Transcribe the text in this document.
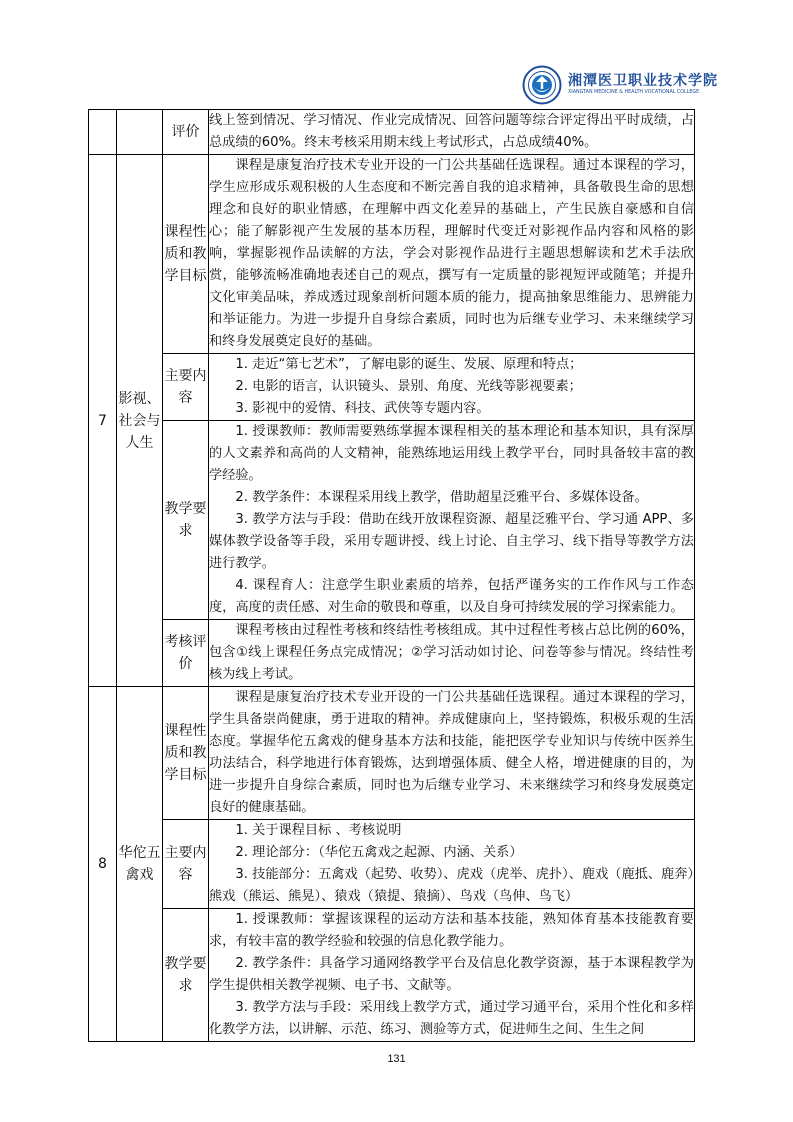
湘潭医卫职业技术学院
XIANGTAN MEDICINE & HEALTH VOCATIONAL COLLEGE
		评价	线上签到情况、学习情况、作业完成情况、回答问题等综合评定得出平时成绩，占总成绩的60%。终末考核采用期末线上考试形式，占总成绩40%。

7	影视、社会与人生	课程性质和教学目标	课程是康复治疗技术专业开设的一门公共基础任选课程。通过本课程的学习，学生应形成乐观积极的人生态度和不断完善自我的追求精神，具备敬畏生命的思想理念和良好的职业情感，在理解中西文化差异的基础上，产生民族自豪感和自信心；能了解影视产生发展的基本历程，理解时代变迁对影视作品内容和风格的影响，掌握影视作品读解的方法，学会对影视作品进行主题思想解读和艺术手法欣赏，能够流畅准确地表述自己的观点，撰写有一定质量的影视短评或随笔；并提升文化审美品味，养成透过现象剖析问题本质的能力，提高抽象思维能力、思辨能力和举证能力。为进一步提升自身综合素质，同时也为后继专业学习、未来继续学习和终身发展奠定良好的基础。

		主要内容	1. 走近“第七艺术”，了解电影的诞生、发展、原理和特点；

2. 电影的语言，认识镜头、景别、角度、光线等影视要素；

3. 影视中的爱情、科技、武侠等专题内容。

		教学要求	1. 授课教师：教师需要熟练掌握本课程相关的基本理论和基本知识，具有深厚的人文素养和高尚的人文精神，能熟练地运用线上教学平台，同时具备较丰富的教学经验。

2. 教学条件：本课程采用线上教学，借助超星泛雅平台、多媒体设备。

3. 教学方法与手段：借助在线开放课程资源、超星泛雅平台、学习通 APP、多媒体教学设备等手段，采用专题讲授、线上讨论、自主学习、线下指导等教学方法进行教学。

4. 课程育人：注意学生职业素质的培养，包括严谨务实的工作作风与工作态度，高度的责任感、对生命的敬畏和尊重，以及自身可持续发展的学习探索能力。

		考核评价	课程考核由过程性考核和终结性考核组成。其中过程性考核占总比例的60%，包含①线上课程任务点完成情况；②学习活动如讨论、问卷等参与情况。终结性考核为线上考试。

8	华佗五禽戏	课程性质和教学目标	课程是康复治疗技术专业开设的一门公共基础任选课程。通过本课程的学习，学生具备崇尚健康，勇于进取的精神。养成健康向上，坚持锻炼，积极乐观的生活态度。掌握华佗五禽戏的健身基本方法和技能，能把医学专业知识与传统中医养生功法结合，科学地进行体育锻炼，达到增强体质、健全人格，增进健康的目的，为进一步提升自身综合素质，同时也为后继专业学习、未来继续学习和终身发展奠定良好的健康基础。

		主要内容	1. 关于课程目标 、考核说明

2. 理论部分：（华佗五禽戏之起源、内涵、关系）

3. 技能部分：五禽戏（起势、收势）、虎戏（虎举、虎扑）、鹿戏（鹿抵、鹿奔）熊戏（熊运、熊晃）、猿戏（猿提、猿摘）、鸟戏（鸟伸、鸟飞）

		教学要求	1. 授课教师：掌握该课程的运动方法和基本技能，熟知体育基本技能教育要求，有较丰富的教学经验和较强的信息化教学能力。

2. 教学条件：具备学习通网络教学平台及信息化教学资源，基于本课程教学为学生提供相关教学视频、电子书、文献等。

3. 教学方法与手段：采用线上教学方式，通过学习通平台，采用个性化和多样化教学方法，以讲解、示范、练习、测验等方式，促进师生之间、生生之间

131
